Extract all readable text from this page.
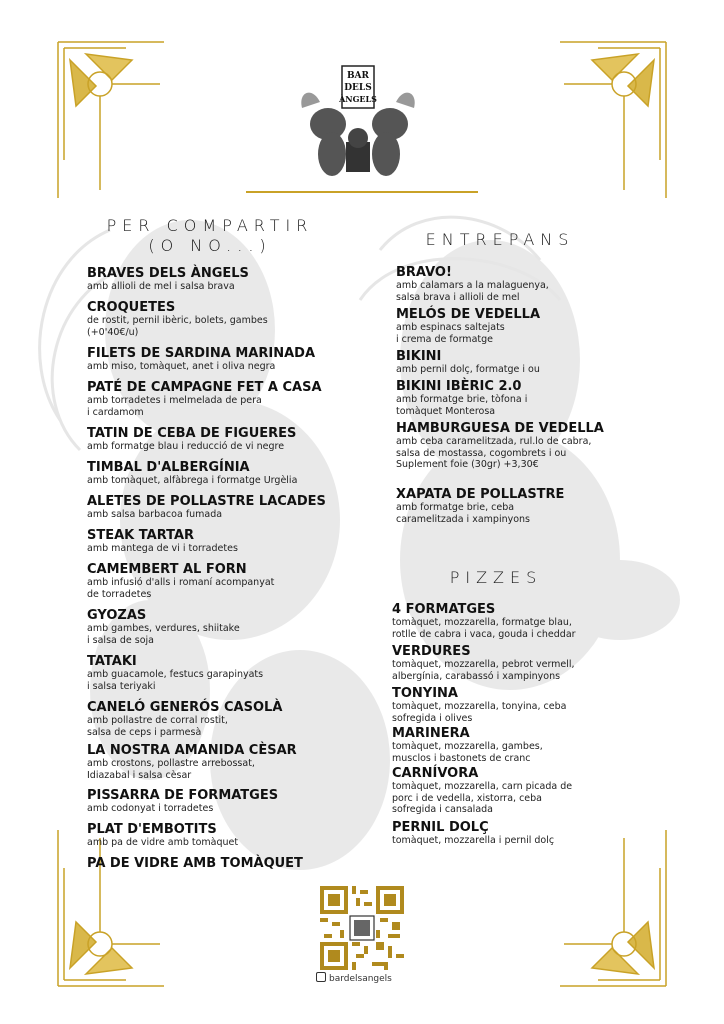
BAR
DELS
ÀNGELS
PER COMPARTIR
(O NO...)
BRAVES DELS ÀNGELS
amb allioli de mel i salsa brava
CROQUETES
de rostit, pernil ibèric, bolets, gambes
(+0'40€/u)
FILETS DE SARDINA MARINADA
amb miso, tomàquet, anet i oliva negra
PATÉ DE CAMPAGNE FET A CASA
amb torradetes i melmelada de pera
i cardamom
TATIN DE CEBA DE FIGUERES
amb formatge blau i reducció de vi negre
TIMBAL D'ALBERGÍNIA
amb tomàquet, alfàbrega i formatge Urgèlia
ALETES DE POLLASTRE LACADES
amb salsa barbacoa fumada
STEAK TARTAR
amb mantega de vi i torradetes
CAMEMBERT AL FORN
amb infusió d'alls i romaní acompanyat
de torradetes
GYOZAS
amb gambes, verdures, shiitake
i salsa de soja
TATAKI
amb guacamole, festucs garapinyats
i salsa teriyaki
CANELÓ GENERÓS CASOLÀ
amb pollastre de corral rostit,
salsa de ceps i parmesà
LA NOSTRA AMANIDA CÈSAR
amb crostons, pollastre arrebossat,
Idiazabal i salsa cèsar
PISSARRA DE FORMATGES
amb codonyat i torradetes
PLAT D'EMBOTITS
amb pa de vidre amb tomàquet
PA DE VIDRE AMB TOMÀQUET
ENTREPANS
BRAVO!
amb calamars a la malaguenya,
salsa brava i allioli de mel
MELÓS DE VEDELLA
amb espinacs saltejats
i crema de formatge
BIKINI
amb pernil dolç, formatge i ou
BIKINI IBÈRIC 2.0
amb formatge brie, tòfona i
tomàquet Monterosa
HAMBURGUESA DE VEDELLA
amb ceba caramelitzada, rul.lo de cabra,
salsa de mostassa, cogombrets i ou
Suplement foie (30gr) +3,30€
XAPATA DE POLLASTRE
amb formatge brie, ceba
caramelitzada i xampinyons
PIZZES
4 FORMATGES
tomàquet, mozzarella, formatge blau,
rotlle de cabra i vaca, gouda i cheddar
VERDURES
tomàquet, mozzarella, pebrot vermell,
albergínia, carabassó i xampinyons
TONYINA
tomàquet, mozzarella, tonyina, ceba
sofregida i olives
MARINERA
tomàquet, mozzarella, gambes,
musclos i bastonets de cranc
CARNÍVORA
tomàquet, mozzarella, carn picada de
porc i de vedella, xistorra, ceba
sofregida i cansalada
PERNIL DOLÇ
tomàquet, mozzarella i pernil dolç
bardelsangels
